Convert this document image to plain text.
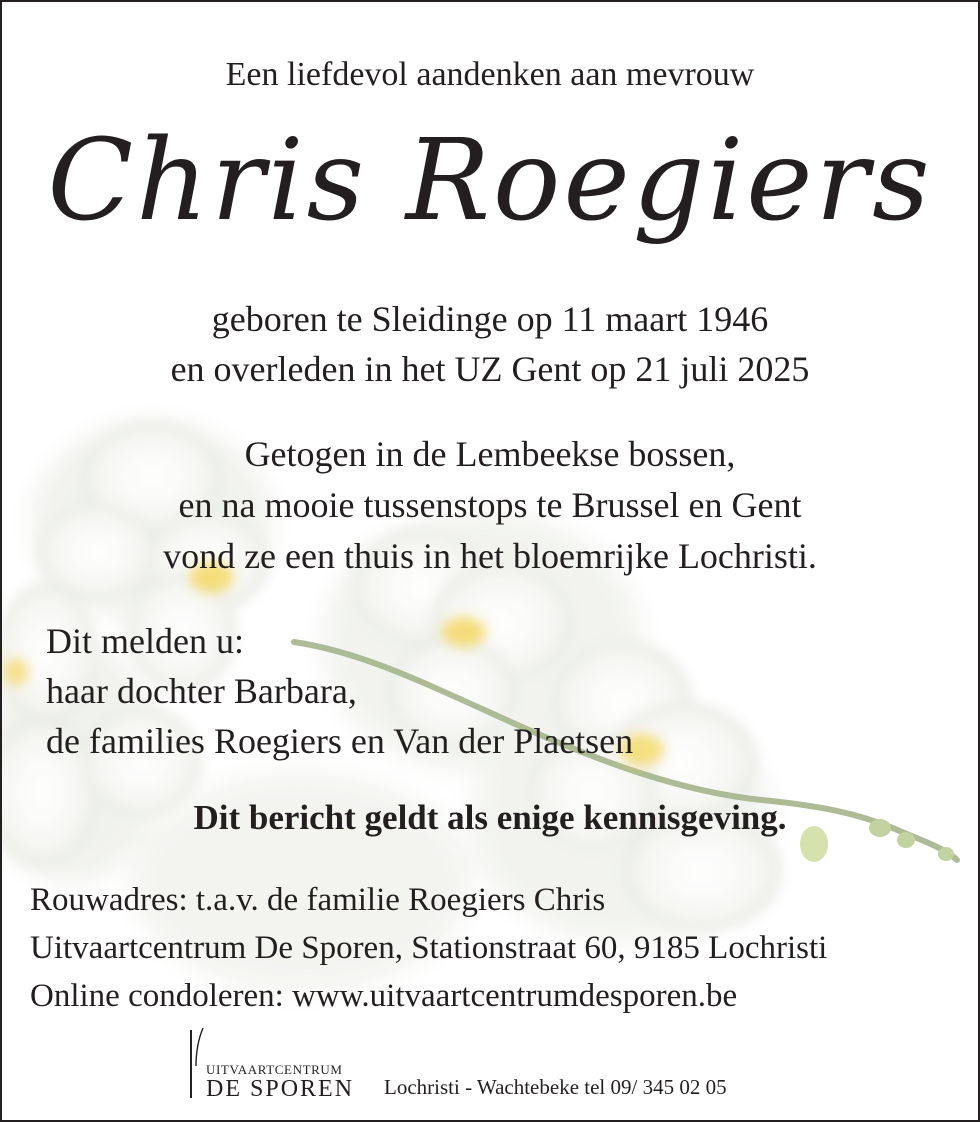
Een liefdevol aandenken aan mevrouw
Chris Roegiers
geboren te Sleidinge op 11 maart 1946
en overleden in het UZ Gent op 21 juli 2025
Getogen in de Lembeekse bossen,
en na mooie tussenstops te Brussel en Gent
vond ze een thuis in het bloemrijke Lochristi.
Dit melden u:
haar dochter Barbara,
de families Roegiers en Van der Plaetsen
Dit bericht geldt als enige kennisgeving.
Rouwadres: t.a.v. de familie Roegiers Chris
Uitvaartcentrum De Sporen, Stationstraat 60, 9185 Lochristi
Online condoleren: www.uitvaartcentrumdesporen.be
UITVAARTCENTRUM
DE SPOREN Lochristi - Wachtebeke tel 09/ 345 02 05
